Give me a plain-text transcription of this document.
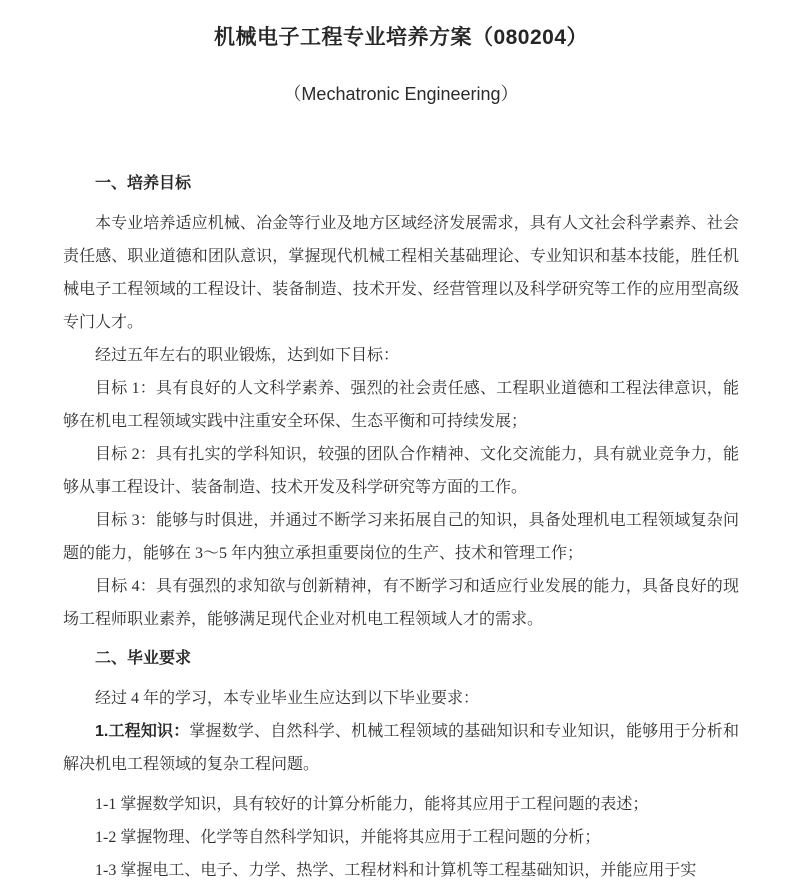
机械电子工程专业培养方案（080204）
（Mechatronic Engineering）
一、培养目标

本专业培养适应机械、冶金等行业及地方区域经济发展需求，具有人文社会科学素养、社会责任感、职业道德和团队意识，掌握现代机械工程相关基础理论、专业知识和基本技能，胜任机械电子工程领域的工程设计、装备制造、技术开发、经营管理以及科学研究等工作的应用型高级专门人才。

经过五年左右的职业锻炼，达到如下目标：

目标 1：具有良好的人文科学素养、强烈的社会责任感、工程职业道德和工程法律意识，能够在机电工程领域实践中注重安全环保、生态平衡和可持续发展；

目标 2：具有扎实的学科知识，较强的团队合作精神、文化交流能力，具有就业竞争力，能够从事工程设计、装备制造、技术开发及科学研究等方面的工作。

目标 3：能够与时俱进，并通过不断学习来拓展自己的知识，具备处理机电工程领域复杂问题的能力，能够在 3～5 年内独立承担重要岗位的生产、技术和管理工作；

目标 4：具有强烈的求知欲与创新精神，有不断学习和适应行业发展的能力，具备良好的现场工程师职业素养，能够满足现代企业对机电工程领域人才的需求。

二、毕业要求

经过 4 年的学习，本专业毕业生应达到以下毕业要求：

1.工程知识：掌握数学、自然科学、机械工程领域的基础知识和专业知识，能够用于分析和解决机电工程领域的复杂工程问题。

1-1 掌握数学知识，具有较好的计算分析能力，能将其应用于工程问题的表述；

1-2 掌握物理、化学等自然科学知识，并能将其应用于工程问题的分析；

1-3 掌握电工、电子、力学、热学、工程材料和计算机等工程基础知识，并能应用于实
